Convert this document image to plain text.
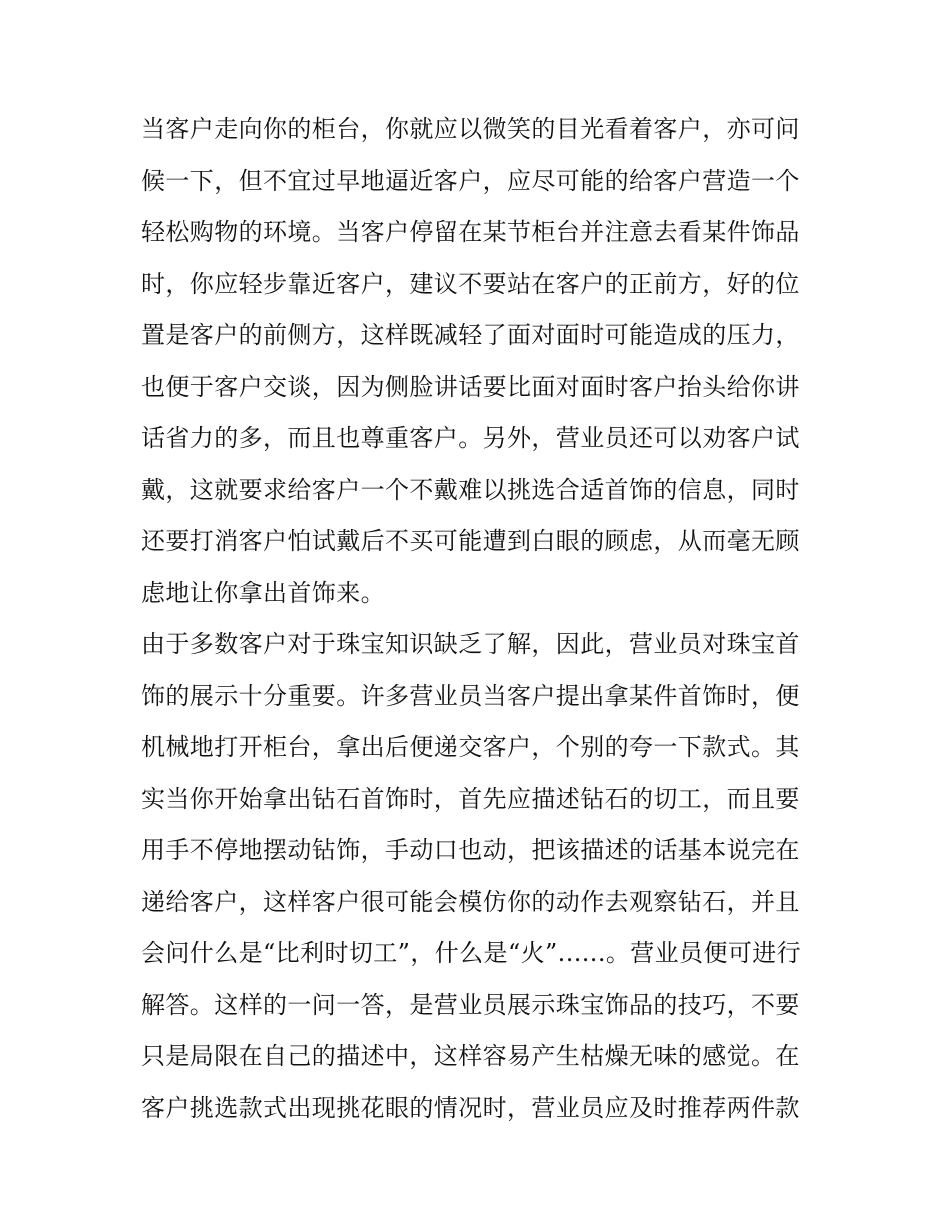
当客户走向你的柜台，你就应以微笑的目光看着客户，亦可问
候一下，但不宜过早地逼近客户，应尽可能的给客户营造一个
轻松购物的环境。当客户停留在某节柜台并注意去看某件饰品
时，你应轻步靠近客户，建议不要站在客户的正前方，好的位
置是客户的前侧方，这样既减轻了面对面时可能造成的压力，
也便于客户交谈，因为侧脸讲话要比面对面时客户抬头给你讲
话省力的多，而且也尊重客户。另外，营业员还可以劝客户试
戴，这就要求给客户一个不戴难以挑选合适首饰的信息，同时
还要打消客户怕试戴后不买可能遭到白眼的顾虑，从而毫无顾
虑地让你拿出首饰来。
由于多数客户对于珠宝知识缺乏了解，因此，营业员对珠宝首
饰的展示十分重要。许多营业员当客户提出拿某件首饰时，便
机械地打开柜台，拿出后便递交客户，个别的夸一下款式。其
实当你开始拿出钻石首饰时，首先应描述钻石的切工，而且要
用手不停地摆动钻饰，手动口也动，把该描述的话基本说完在
递给客户，这样客户很可能会模仿你的动作去观察钻石，并且
会问什么是“比利时切工”，什么是“火”......。营业员便可进行
解答。这样的一问一答，是营业员展示珠宝饰品的技巧，不要
只是局限在自己的描述中，这样容易产生枯燥无味的感觉。在
客户挑选款式出现挑花眼的情况时，营业员应及时推荐两件款
